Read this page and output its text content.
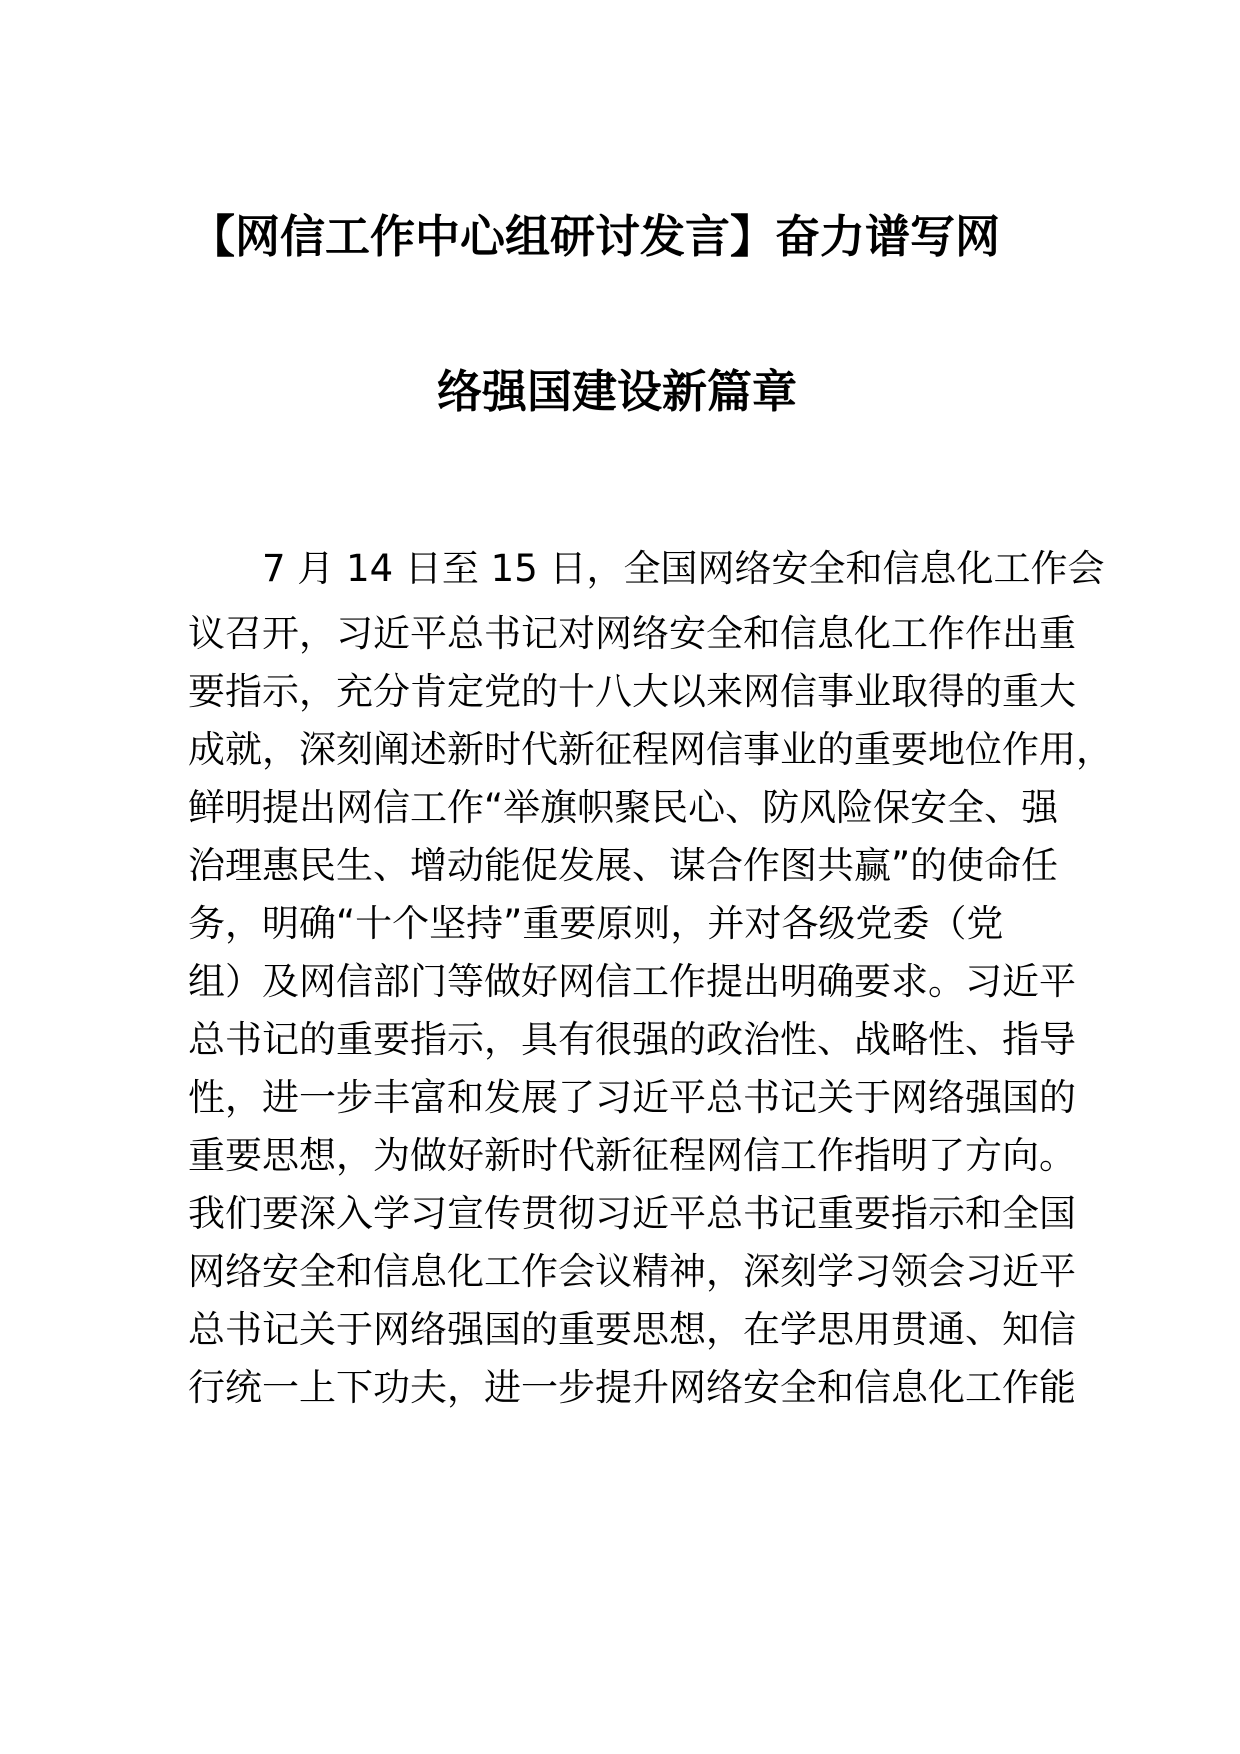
【网信工作中心组研讨发言】奋力谱写网
络强国建设新篇章
　　7 月 14 日至 15 日，全国网络安全和信息化工作会
议召开，习近平总书记对网络安全和信息化工作作出重
要指示，充分肯定党的十八大以来网信事业取得的重大
成就，深刻阐述新时代新征程网信事业的重要地位作用，
鲜明提出网信工作“举旗帜聚民心、防风险保安全、强
治理惠民生、增动能促发展、谋合作图共赢”的使命任
务，明确“十个坚持”重要原则，并对各级党委（党
组）及网信部门等做好网信工作提出明确要求。习近平
总书记的重要指示，具有很强的政治性、战略性、指导
性，进一步丰富和发展了习近平总书记关于网络强国的
重要思想，为做好新时代新征程网信工作指明了方向。
我们要深入学习宣传贯彻习近平总书记重要指示和全国
网络安全和信息化工作会议精神，深刻学习领会习近平
总书记关于网络强国的重要思想，在学思用贯通、知信
行统一上下功夫，进一步提升网络安全和信息化工作能
